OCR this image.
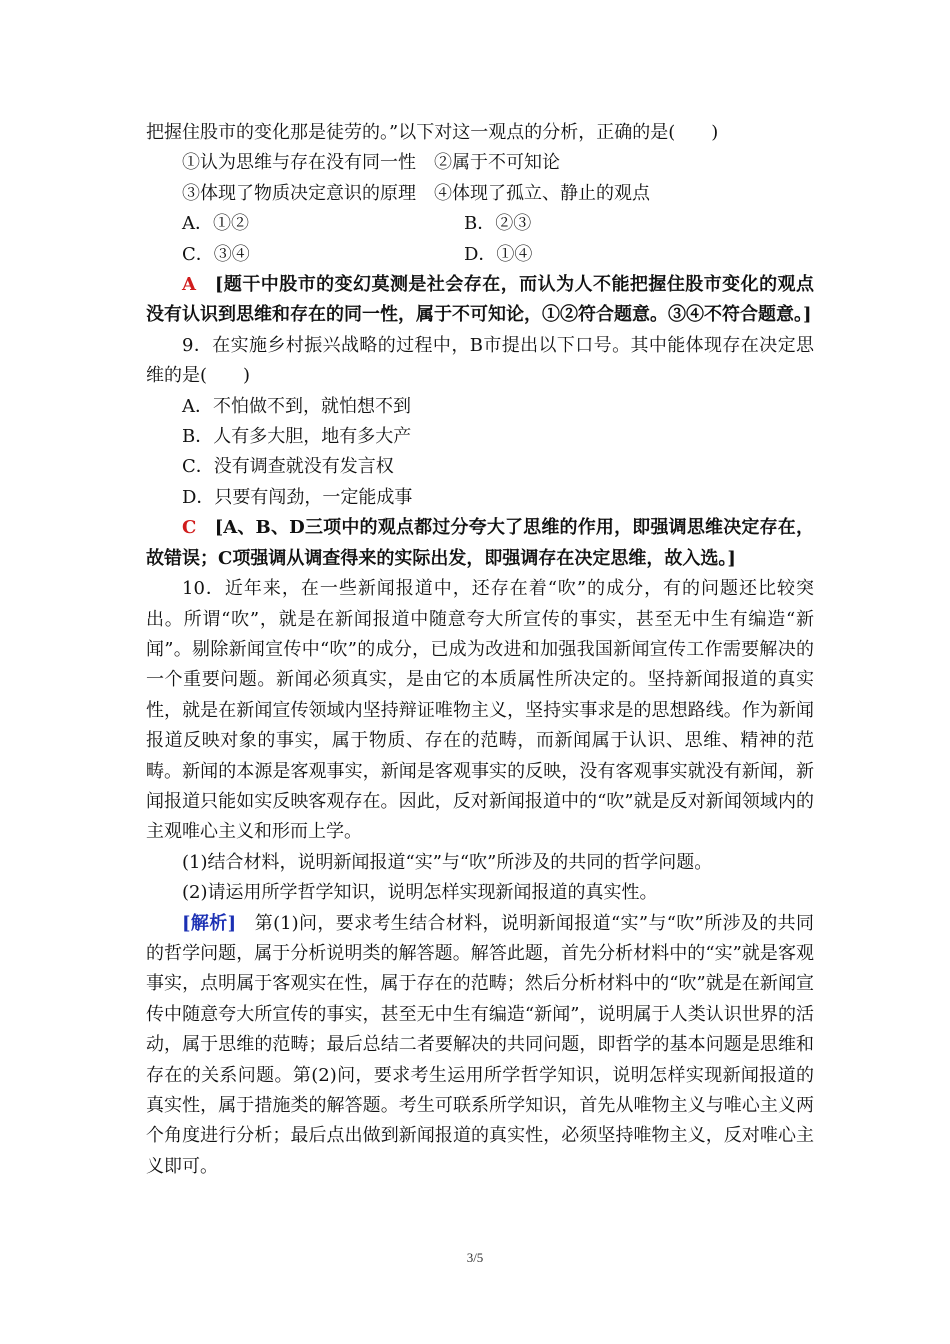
把握住股市的变化那是徒劳的。”以下对这一观点的分析，正确的是(　　)

①认为思维与存在没有同一性　②属于不可知论

③体现了物质决定意识的原理　④体现了孤立、静止的观点

A．①②	B．②③
C．③④	D．①④

A　 [题干中股市的变幻莫测是社会存在，而认为人不能把握住股市变化的观点没有认识到思维和存在的同一性，属于不可知论，①②符合题意。③④不符合题意。]

9．在实施乡村振兴战略的过程中，B市提出以下口号。其中能体现存在决定思维的是(　　)

A．不怕做不到，就怕想不到

B．人有多大胆，地有多大产

C．没有调查就没有发言权

D．只要有闯劲，一定能成事

C　 [A、B、D三项中的观点都过分夸大了思维的作用，即强调思维决定存在，故错误；C项强调从调查得来的实际出发，即强调存在决定思维，故入选。]

10．近年来，在一些新闻报道中，还存在着“吹”的成分，有的问题还比较突出。所谓“吹”，就是在新闻报道中随意夸大所宣传的事实，甚至无中生有编造“新闻”。剔除新闻宣传中“吹”的成分，已成为改进和加强我国新闻宣传工作需要解决的一个重要问题。新闻必须真实，是由它的本质属性所决定的。坚持新闻报道的真实性，就是在新闻宣传领域内坚持辩证唯物主义，坚持实事求是的思想路线。作为新闻报道反映对象的事实，属于物质、存在的范畴，而新闻属于认识、思维、精神的范畴。新闻的本源是客观事实，新闻是客观事实的反映，没有客观事实就没有新闻，新闻报道只能如实反映客观存在。因此，反对新闻报道中的“吹”就是反对新闻领域内的主观唯心主义和形而上学。

(1)结合材料，说明新闻报道“实”与“吹”所涉及的共同的哲学问题。

(2)请运用所学哲学知识，说明怎样实现新闻报道的真实性。

[解析]　 第(1)问，要求考生结合材料，说明新闻报道“实”与“吹”所涉及的共同的哲学问题，属于分析说明类的解答题。解答此题，首先分析材料中的“实”就是客观事实，点明属于客观实在性，属于存在的范畴；然后分析材料中的“吹”就是在新闻宣传中随意夸大所宣传的事实，甚至无中生有编造“新闻”，说明属于人类认识世界的活动，属于思维的范畴；最后总结二者要解决的共同问题，即哲学的基本问题是思维和存在的关系问题。第(2)问，要求考生运用所学哲学知识，说明怎样实现新闻报道的真实性，属于措施类的解答题。考生可联系所学知识，首先从唯物主义与唯心主义两个角度进行分析；最后点出做到新闻报道的真实性，必须坚持唯物主义，反对唯心主义即可。

3/5
